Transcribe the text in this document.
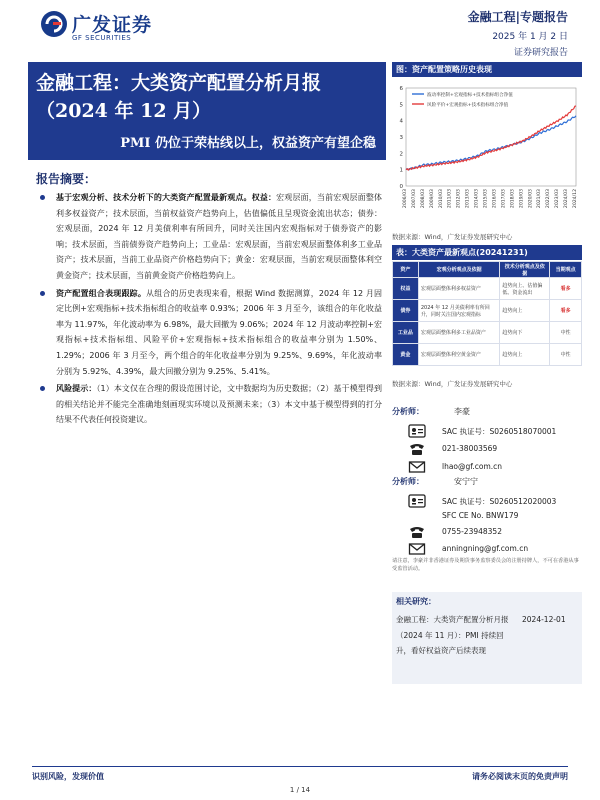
广发证券
GF SECURITIES
金融工程|专题报告
2025 年 1 月 2 日
证券研究报告
金融工程：大类资产配置分析月报
（2024 年 12 月）
PMI 仍位于荣枯线以上，权益资产有望企稳
报告摘要：
基于宏观分析、技术分析下的大类资产配置最新观点。权益：宏观层面，当前宏观层面整体利多权益资产；技术层面，当前权益资产趋势向上，估值偏低且呈现资金流出状态；债券：宏观层面，2024 年 12 月美债利率有所回升，同时关注国内宏观指标对于债券资产的影响；技术层面，当前债券资产趋势向上；工业品：宏观层面，当前宏观层面整体利多工业品资产；技术层面，当前工业品资产价格趋势向下；黄金：宏观层面，当前宏观层面整体利空黄金资产；技术层面，当前黄金资产价格趋势向上。
资产配置组合表现跟踪。从组合的历史表现来看，根据 Wind 数据测算，2024 年 12 月固定比例+宏观指标+技术指标组合的收益率 0.93%；2006 年 3 月至今，该组合的年化收益率为 11.97%，年化波动率为 6.98%，最大回撤为 9.06%；2024 年 12 月波动率控制+宏观指标+技术指标组、风险平价+宏观指标+技术指标组合的收益率分别为 1.50%、1.29%；2006 年 3 月至今，两个组合的年化收益率分别为 9.25%、9.69%，年化波动率分别为 5.92%、4.39%，最大回撤分别为 9.25%、5.41%。
风险提示：（1）本文仅在合理的假设范围讨论，文中数据均为历史数据；（2）基于模型得到的相关结论并不能完全准确地刻画现实环境以及预测未来；（3）本文中基于模型得到的打分结果不代表任何投资建议。
图：资产配置策略历史表现
0
1
2
3
4
5
6
2006/03 2007/03 2008/03 2009/03 2010/03 2011/03 2012/03 2013/03 2014/03 2015/03 2016/03 2017/03 2018/03 2019/03 2020/03 2021/03 2022/03 2023/03 2024/03 2024/12
波动率控制+宏观指标+技术指标组合净值
风险平价+宏观指标+技术指标组合净值
数据来源：Wind，广发证券发展研究中心
表：大类资产最新观点(20241231)
资产	宏观分析观点及依据	技术分析观点及依据	当期观点
权益	宏观层面整体利多权益资产	趋势向上、估值偏低、资金流出	看多
债券	2024 年 12 月美债利率有所回升，同时关注国内宏观指标	趋势向上	看多
工业品	宏观层面整体利多工业品资产	趋势向下	中性
黄金	宏观层面整体利空黄金资产	趋势向上	中性
数据来源：Wind，广发证券发展研究中心
分析师：	李豪
SAC 执证号：S0260518070001
021-38003569
lhao@gf.com.cn
分析师：	安宁宁
SAC 执证号：S0260512020003
SFC CE No. BNW179
0755-23948352
anningning@gf.com.cn
请注意，李豪并非香港证券及期货事务监察委员会的注册持牌人，不可在香港从事受监管活动。
相关研究：
金融工程：大类资产配置分析月报（2024 年 11 月）：PMI 持续回升，看好权益资产后续表现
2024-12-01
识别风险，发现价值	请务必阅读末页的免责声明
1 / 14
